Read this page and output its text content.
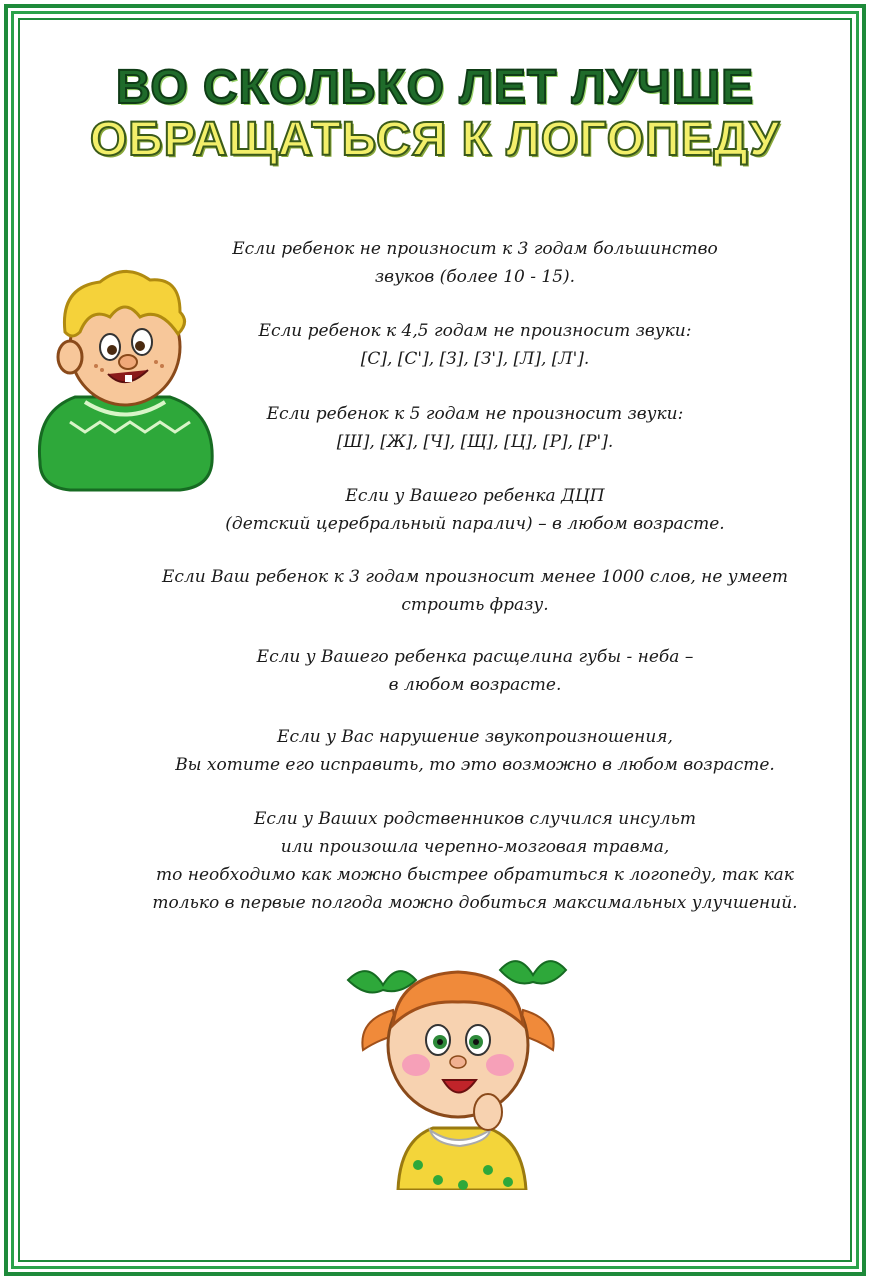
ВО СКОЛЬКО ЛЕТ ЛУЧШЕ
ОБРАЩАТЬСЯ К ЛОГОПЕДУ
Если ребенок не произносит к 3 годам большинство
звуков (более 10 - 15).
Если ребенок к 4,5 годам не произносит звуки:
[С], [С'], [З], [З'], [Л], [Л'].
Если ребенок к 5 годам не произносит звуки:
[Ш], [Ж], [Ч], [Щ], [Ц], [Р], [Р'].
Если у Вашего ребенка ДЦП
(детский церебральный паралич) – в любом возрасте.
Если Ваш ребенок к 3 годам произносит менее 1000 слов, не умеет
строить фразу.
Если у Вашего ребенка расщелина губы - неба –
в любом возрасте.
Если у Вас нарушение звукопроизношения,
Вы хотите его исправить, то это возможно в любом возрасте.
Если у Ваших родственников случился инсульт
или произошла черепно-мозговая травма,
то необходимо как можно быстрее обратиться к логопеду, так как
только в первые полгода можно добиться максимальных улучшений.
